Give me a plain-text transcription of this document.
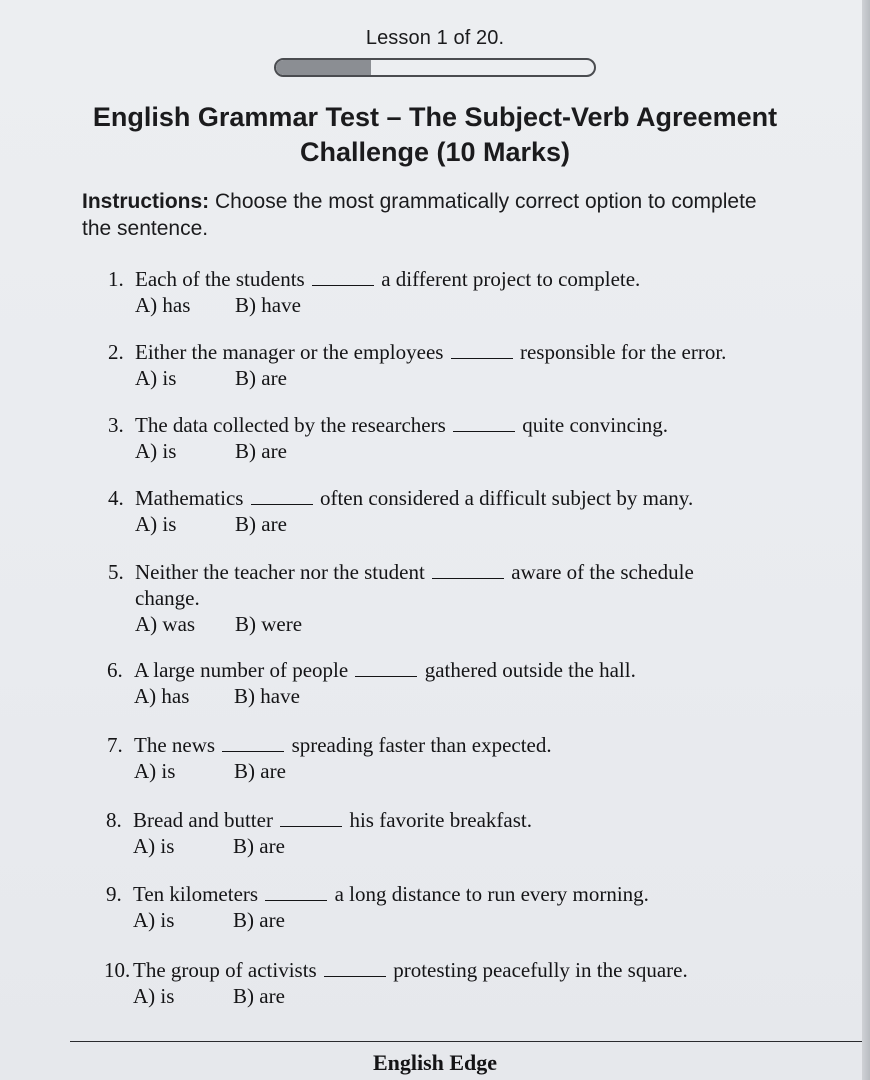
Lesson 1 of 20.
English Grammar Test – The Subject-Verb Agreement Challenge (10 Marks)
Instructions: Choose the most grammatically correct option to complete the sentence.
1. Each of the students	a different project to complete.
A) has B) have
2. Either the manager or the employees	responsible for the error.
A) is	B) are
3. The data collected by the researchers	quite convincing.
A) is	B) are
4. Mathematics	often considered a difficult subject by many.
A) is	B) are
5. Neither the teacher nor the student	aware of the schedule
change.
A) was B) were
6. A large number of people	gathered outside the hall.
A) has B) have
7. The news	spreading faster than expected.
A) is	B) are
8. Bread and butter	his favorite breakfast.
A) is	B) are
9. Ten kilometers	a long distance to run every morning.
A) is	B) are
10. The group of activists	protesting peacefully in the square.
A) is	B) are
English Edge
